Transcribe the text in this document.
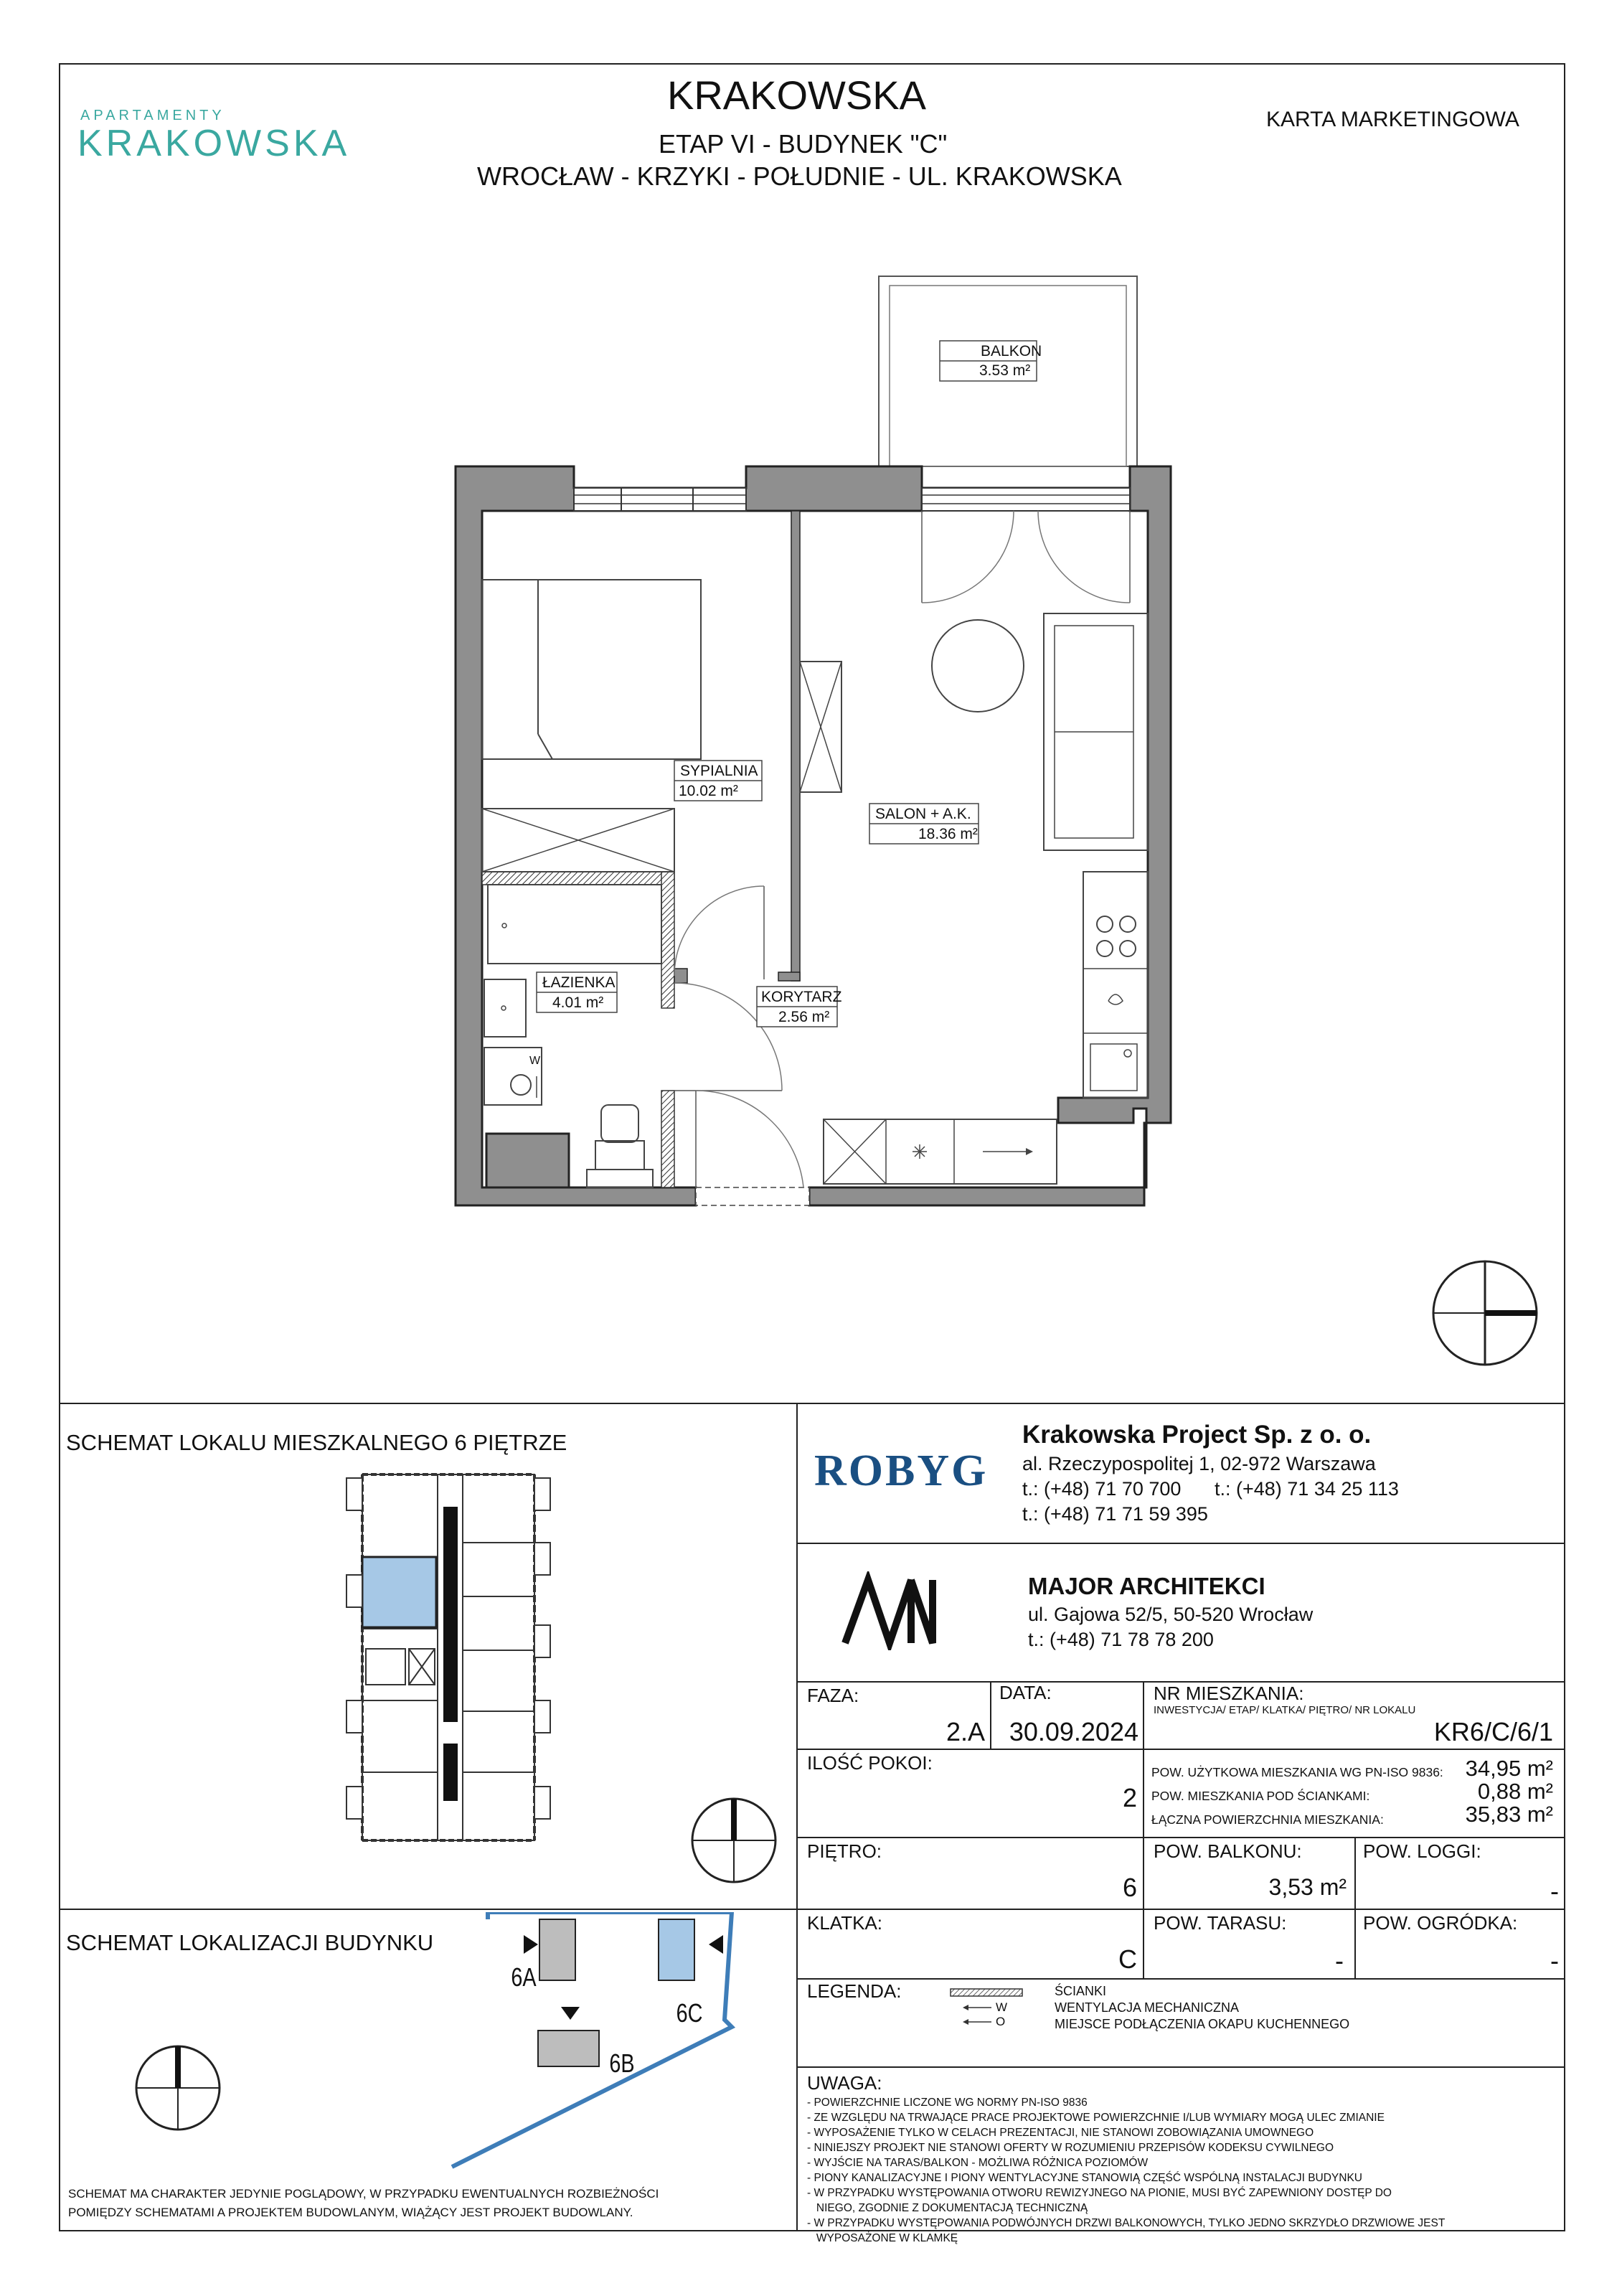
APARTAMENTY
KRAKOWSKA
KRAKOWSKA
ETAP VI - BUDYNEK "C"
WROCŁAW - KRZYKI - POŁUDNIE - UL. KRAKOWSKA
KARTA MARKETINGOWA
BALKON
3.53 m²
SYPIALNIA
10.02 m²
SALON + A.K.
18.36 m²
ŁAZIENKA
4.01 m²	KORYTARZ
2.56 m²
W
SCHEMAT LOKALU MIESZKALNEGO 6 PIĘTRZE
SCHEMAT LOKALIZACJI BUDYNKU
6A
6B
6C
SCHEMAT MA CHARAKTER JEDYNIE POGLĄDOWY, W PRZYPADKU EWENTUALNYCH ROZBIEŻNOŚCI
POMIĘDZY SCHEMATAMI A PROJEKTEM BUDOWLANYM, WIĄŻĄCY JEST PROJEKT BUDOWLANY.
ROBYG
Krakowska Project Sp. z o. o.
al. Rzeczypospolitej 1, 02-972 Warszawa
t.: (+48) 71 70 700 t.: (+48) 71 34 25 113
t.: (+48) 71 71 59 395
MAJOR ARCHITEKCI
ul. Gajowa 52/5, 50-520 Wrocław
t.: (+48) 71 78 78 200
FAZA:
2.A
DATA:
30.09.2024
NR MIESZKANIA:
INWESTYCJA/ ETAP/ KLATKA/ PIĘTRO/ NR LOKALU
KR6/C/6/1
ILOŚĆ POKOI:
2
POW. UŻYTKOWA MIESZKANIA WG PN-ISO 9836: 34,95 m²
POW. MIESZKANIA POD ŚCIANKAMI:	0,88 m²
ŁĄCZNA POWIERZCHNIA MIESZKANIA:	35,83 m²
PIĘTRO:
6
POW. BALKONU:
3,53 m²
POW. LOGGI:
-
KLATKA:
C
POW. TARASU:
-
POW. OGRÓDKA:
-
LEGENDA:
W
O
ŚCIANKI
WENTYLACJA MECHANICZNA
MIEJSCE PODŁĄCZENIA OKAPU KUCHENNEGO
UWAGA:
- POWIERZCHNIE LICZONE WG NORMY PN-ISO 9836
- ZE WZGLĘDU NA TRWAJĄCE PRACE PROJEKTOWE POWIERZCHNIE I/LUB WYMIARY MOGĄ ULEC ZMIANIE
- WYPOSAŻENIE TYLKO W CELACH PREZENTACJI, NIE STANOWI ZOBOWIĄZANIA UMOWNEGO
- NINIEJSZY PROJEKT NIE STANOWI OFERTY W ROZUMIENIU PRZEPISÓW KODEKSU CYWILNEGO
- WYJŚCIE NA TARAS/BALKON - MOŻLIWA RÓŻNICA POZIOMÓW
- PIONY KANALIZACYJNE I PIONY WENTYLACYJNE STANOWIĄ CZĘŚĆ WSPÓLNĄ INSTALACJI BUDYNKU
- W PRZYPADKU WYSTĘPOWANIA OTWORU REWIZYJNEGO NA PIONIE, MUSI BYĆ ZAPEWNIONY DOSTĘP DO
NIEGO, ZGODNIE Z DOKUMENTACJĄ TECHNICZNĄ
- W PRZYPADKU WYSTĘPOWANIA PODWÓJNYCH DRZWI BALKONOWYCH, TYLKO JEDNO SKRZYDŁO DRZWIOWE JEST
WYPOSAŻONE W KLAMKĘ
